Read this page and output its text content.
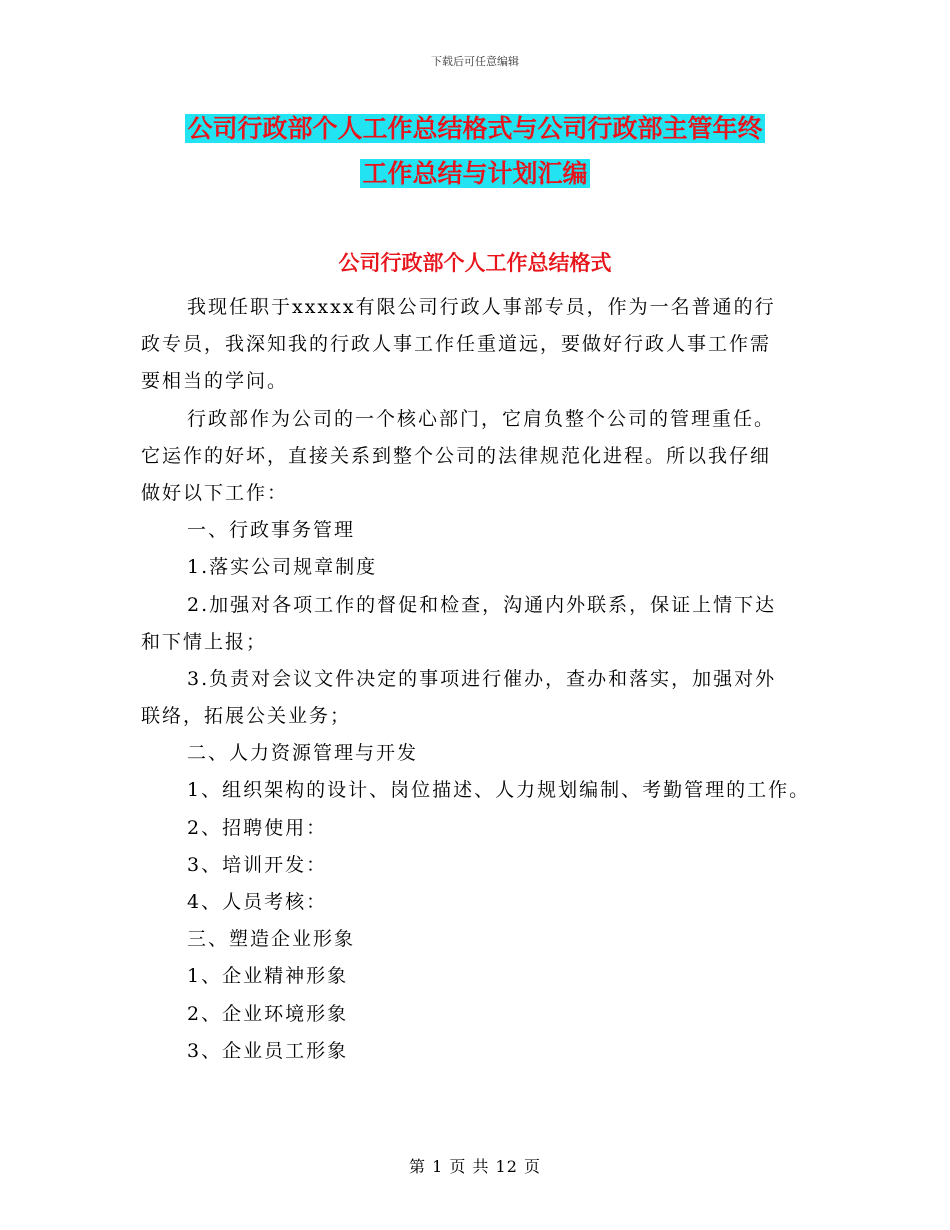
下载后可任意编辑
公司行政部个人工作总结格式与公司行政部主管年终
工作总结与计划汇编
公司行政部个人工作总结格式
我现任职于xxxxx有限公司行政人事部专员，作为一名普通的行
政专员，我深知我的行政人事工作任重道远，要做好行政人事工作需
要相当的学问。
行政部作为公司的一个核心部门，它肩负整个公司的管理重任。
它运作的好坏，直接关系到整个公司的法律规范化进程。所以我仔细
做好以下工作：
一、行政事务管理
1.落实公司规章制度
2.加强对各项工作的督促和检查，沟通内外联系，保证上情下达
和下情上报；
3.负责对会议文件决定的事项进行催办，查办和落实，加强对外
联络，拓展公关业务；
二、人力资源管理与开发
1、组织架构的设计、岗位描述、人力规划编制、考勤管理的工作。
2、招聘使用：
3、培训开发：
4、人员考核：
三、塑造企业形象
1、企业精神形象
2、企业环境形象
3、企业员工形象
第 1 页 共 12 页
